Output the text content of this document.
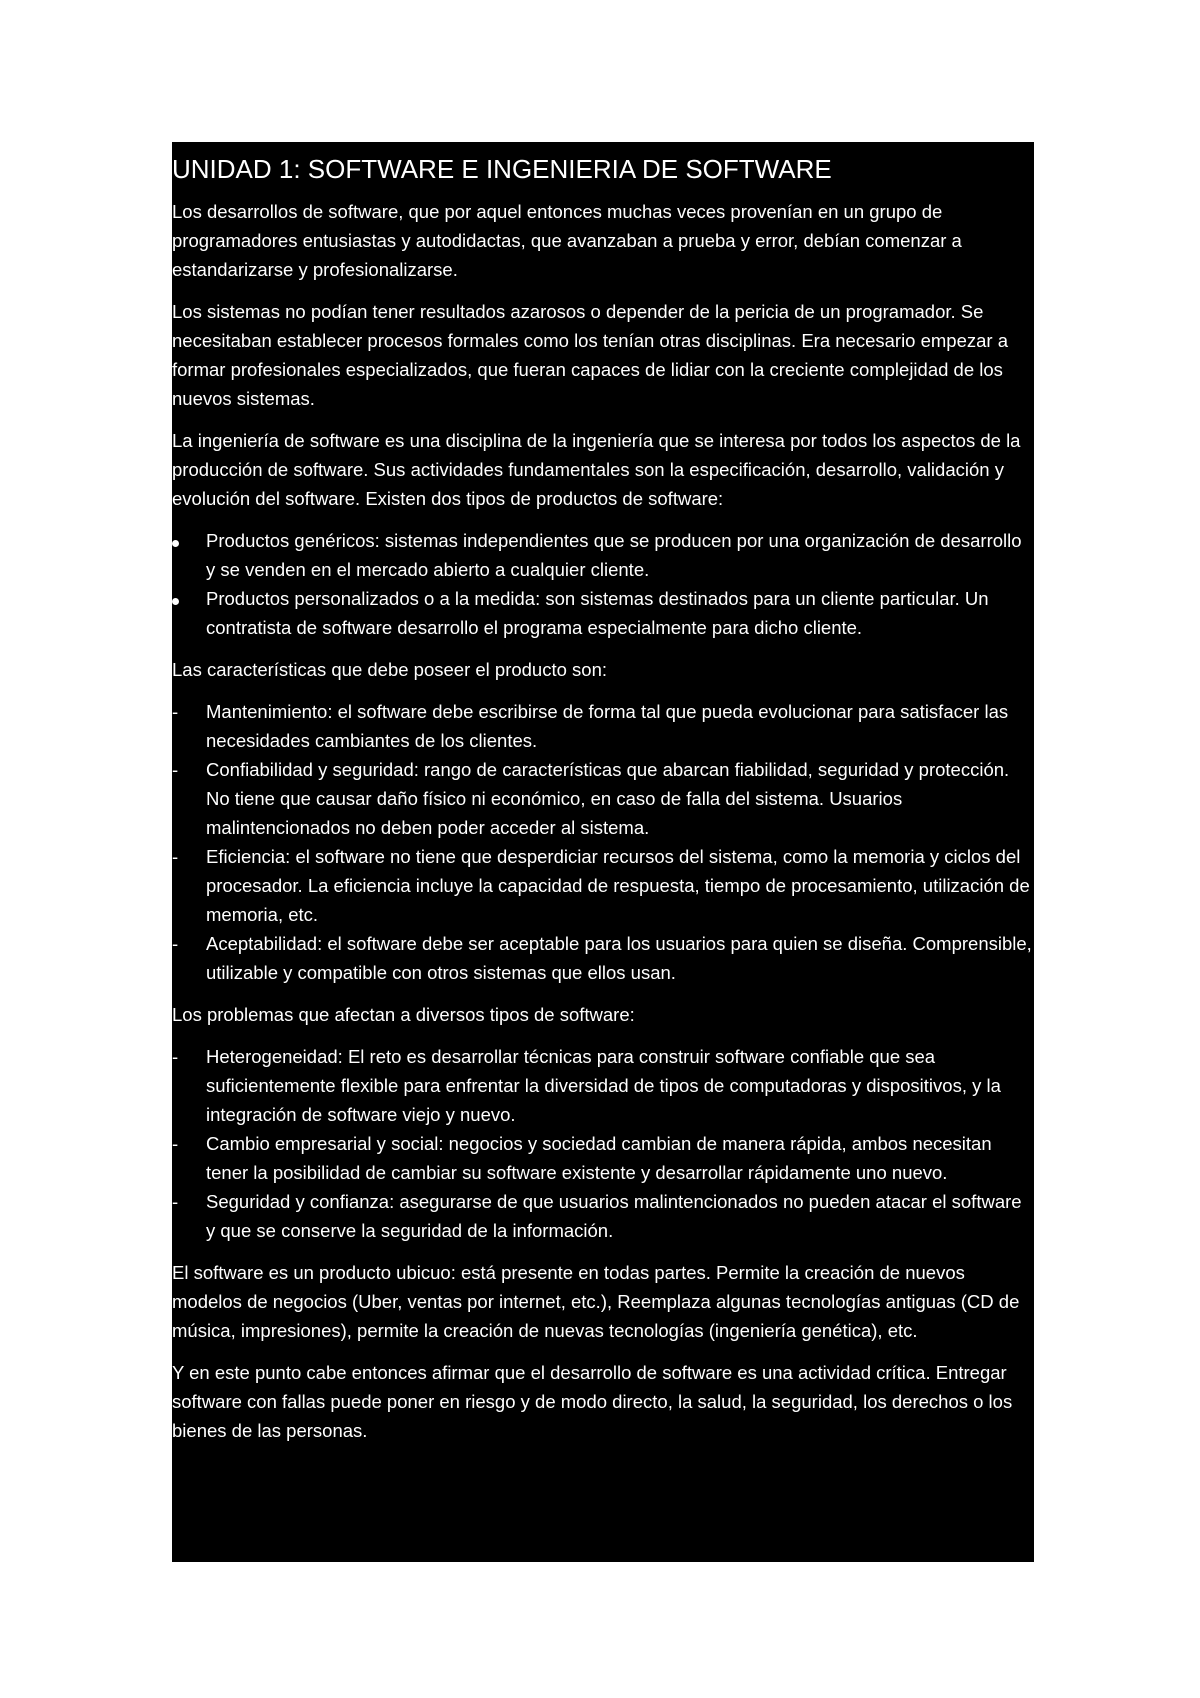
UNIDAD 1: SOFTWARE E INGENIERIA DE SOFTWARE

Los desarrollos de software, que por aquel entonces muchas veces provenían en un grupo de programadores entusiastas y autodidactas, que avanzaban a prueba y error, debían comenzar a estandarizarse y profesionalizarse.

Los sistemas no podían tener resultados azarosos o depender de la pericia de un programador. Se necesitaban establecer procesos formales como los tenían otras disciplinas. Era necesario empezar a formar profesionales especializados, que fueran capaces de lidiar con la creciente complejidad de los nuevos sistemas.

La ingeniería de software es una disciplina de la ingeniería que se interesa por todos los aspectos de la producción de software. Sus actividades fundamentales son la especificación, desarrollo, validación y evolución del software. Existen dos tipos de productos de software:

Productos genéricos: sistemas independientes que se producen por una organización de desarrollo y se venden en el mercado abierto a cualquier cliente.
Productos personalizados o a la medida: son sistemas destinados para un cliente particular. Un contratista de software desarrollo el programa especialmente para dicho cliente.

Las características que debe poseer el producto son:

-	Mantenimiento: el software debe escribirse de forma tal que pueda evolucionar para satisfacer las necesidades cambiantes de los clientes.
-	Confiabilidad y seguridad: rango de características que abarcan fiabilidad, seguridad y protección. No tiene que causar daño físico ni económico, en caso de falla del sistema. Usuarios malintencionados no deben poder acceder al sistema.
-	Eficiencia: el software no tiene que desperdiciar recursos del sistema, como la memoria y ciclos del procesador. La eficiencia incluye la capacidad de respuesta, tiempo de procesamiento, utilización de memoria, etc.
-	Aceptabilidad: el software debe ser aceptable para los usuarios para quien se diseña. Comprensible, utilizable y compatible con otros sistemas que ellos usan.

Los problemas que afectan a diversos tipos de software:

-	Heterogeneidad: El reto es desarrollar técnicas para construir software confiable que sea suficientemente flexible para enfrentar la diversidad de tipos de computadoras y dispositivos, y la integración de software viejo y nuevo.
-	Cambio empresarial y social: negocios y sociedad cambian de manera rápida, ambos necesitan tener la posibilidad de cambiar su software existente y desarrollar rápidamente uno nuevo.
-	Seguridad y confianza: asegurarse de que usuarios malintencionados no pueden atacar el software y que se conserve la seguridad de la información.

El software es un producto ubicuo: está presente en todas partes. Permite la creación de nuevos modelos de negocios (Uber, ventas por internet, etc.), Reemplaza algunas tecnologías antiguas (CD de música, impresiones), permite la creación de nuevas tecnologías (ingeniería genética), etc.

Y en este punto cabe entonces afirmar que el desarrollo de software es una actividad crítica. Entregar software con fallas puede poner en riesgo y de modo directo, la salud, la seguridad, los derechos o los bienes de las personas.
